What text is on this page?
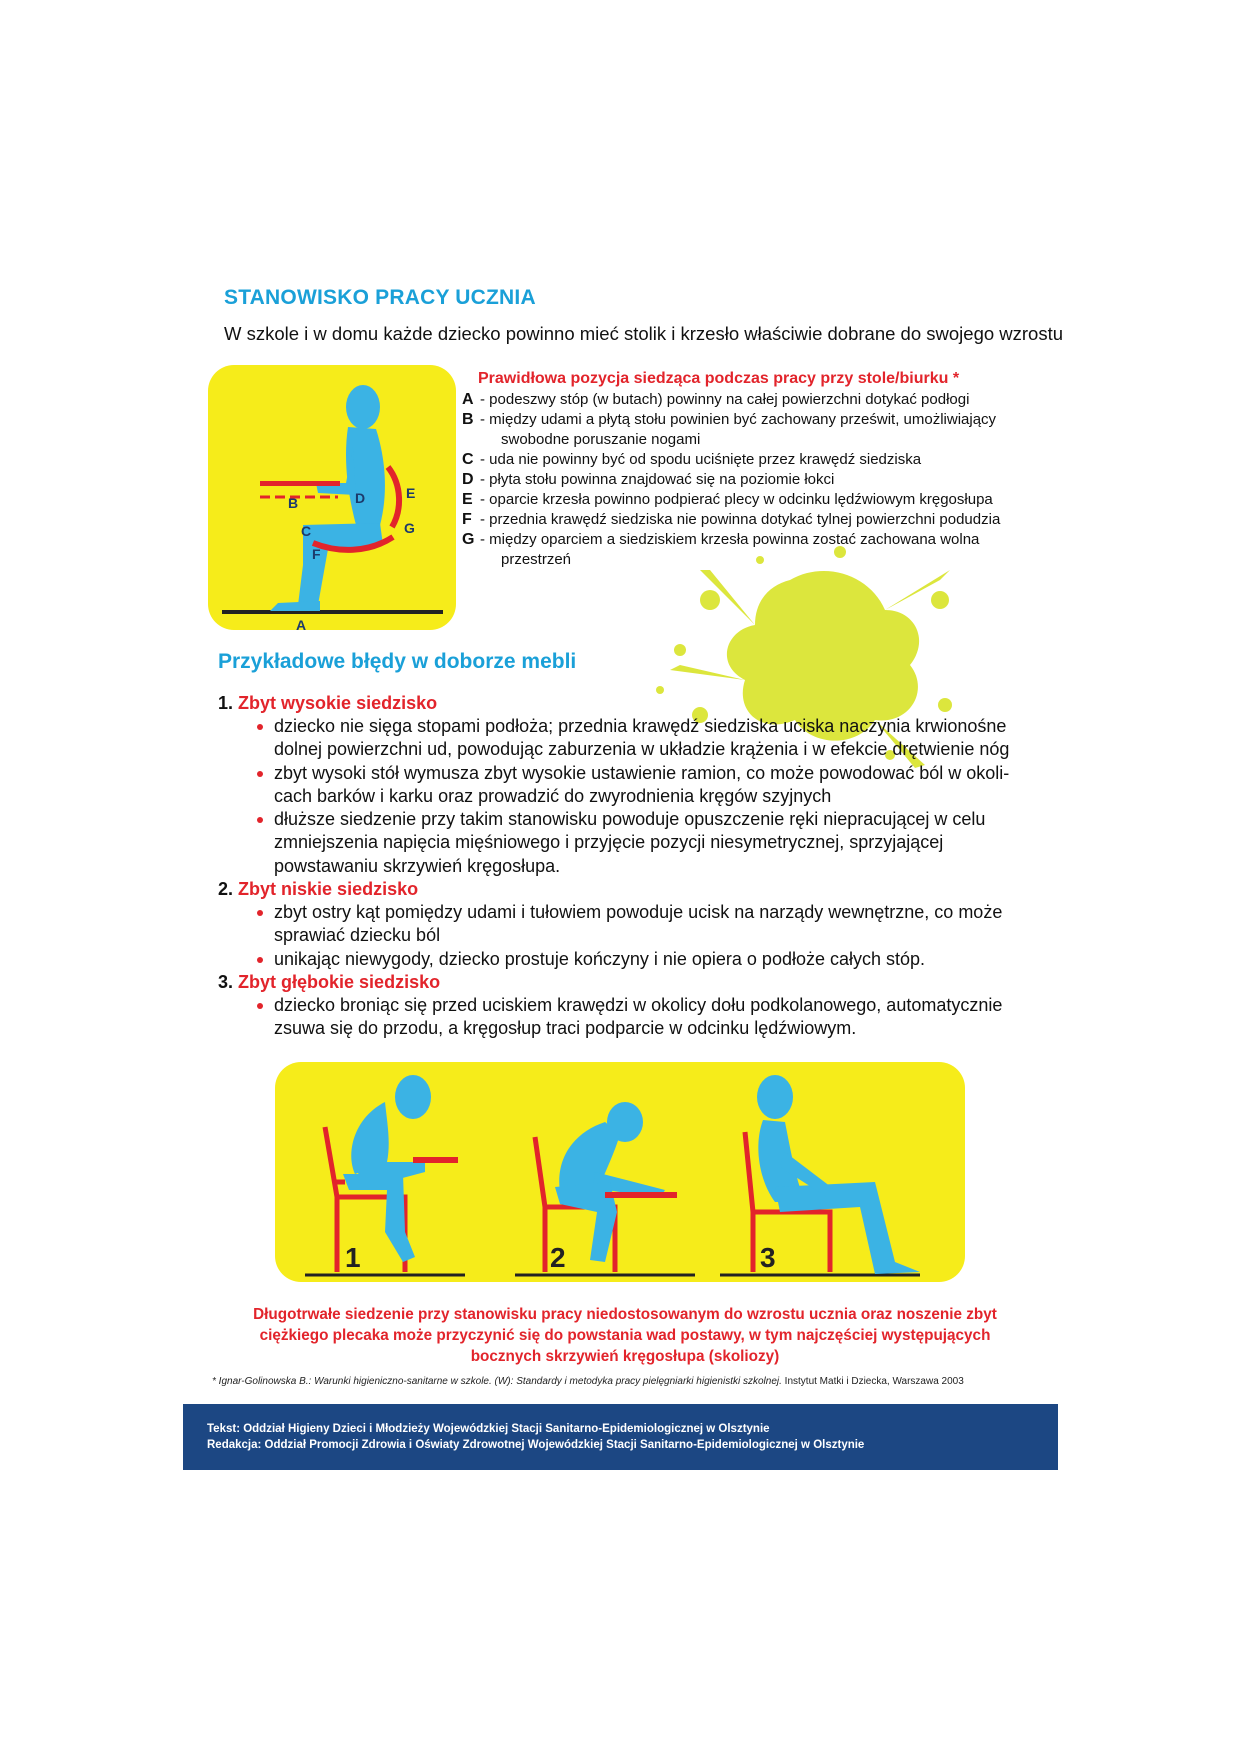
STANOWISKO PRACY UCZNIA
W szkole i w domu każde dziecko powinno mieć stolik i krzesło właściwie dobrane do swojego wzrostu
A
B
C
D	E
F
G
Prawidłowa pozycja siedząca podczas pracy przy stole/biurku *
A - podeszwy stóp (w butach) powinny na całej powierzchni dotykać podłogi
B - między udami a płytą stołu powinien być zachowany prześwit, umożliwiający
swobodne poruszanie nogami
C - uda nie powinny być od spodu uciśnięte przez krawędź siedziska
D - płyta stołu powinna znajdować się na poziomie łokci
E - oparcie krzesła powinno podpierać plecy w odcinku lędźwiowym kręgosłupa
F - przednia krawędź siedziska nie powinna dotykać tylnej powierzchni podudzia
G - między oparciem a siedziskiem krzesła powinna zostać zachowana wolna
przestrzeń
Przykładowe błędy w doborze mebli
1. Zbyt wysokie siedzisko
dziecko nie sięga stopami podłoża; przednia krawędź siedziska uciska naczynia krwionośne
dolnej powierzchni ud, powodując zaburzenia w układzie krążenia i w efekcie drętwienie nóg
zbyt wysoki stół wymusza zbyt wysokie ustawienie ramion, co może powodować ból w okoli-
cach barków i karku oraz prowadzić do zwyrodnienia kręgów szyjnych
dłuższe siedzenie przy takim stanowisku powoduje opuszczenie ręki niepracującej w celu
zmniejszenia napięcia mięśniowego i przyjęcie pozycji niesymetrycznej, sprzyjającej
powstawaniu skrzywień kręgosłupa.
2. Zbyt niskie siedzisko
zbyt ostry kąt pomiędzy udami i tułowiem powoduje ucisk na narządy wewnętrzne, co może
sprawiać dziecku ból
unikając niewygody, dziecko prostuje kończyny i nie opiera o podłoże całych stóp.
3. Zbyt głębokie siedzisko
dziecko broniąc się przed uciskiem krawędzi w okolicy dołu podkolanowego, automatycznie
zsuwa się do przodu, a kręgosłup traci podparcie w odcinku lędźwiowym.
1	2	3
Długotrwałe siedzenie przy stanowisku pracy niedostosowanym do wzrostu ucznia oraz noszenie zbyt
ciężkiego plecaka może przyczynić się do powstania wad postawy, w tym najczęściej występujących
bocznych skrzywień kręgosłupa (skoliozy)
* Ignar-Golinowska B.: Warunki higieniczno-sanitarne w szkole. (W): Standardy i metodyka pracy pielęgniarki higienistki szkolnej. Instytut Matki i Dziecka, Warszawa 2003
Tekst: Oddział Higieny Dzieci i Młodzieży Wojewódzkiej Stacji Sanitarno-Epidemiologicznej w Olsztynie
Redakcja: Oddział Promocji Zdrowia i Oświaty Zdrowotnej Wojewódzkiej Stacji Sanitarno-Epidemiologicznej w Olsztynie
